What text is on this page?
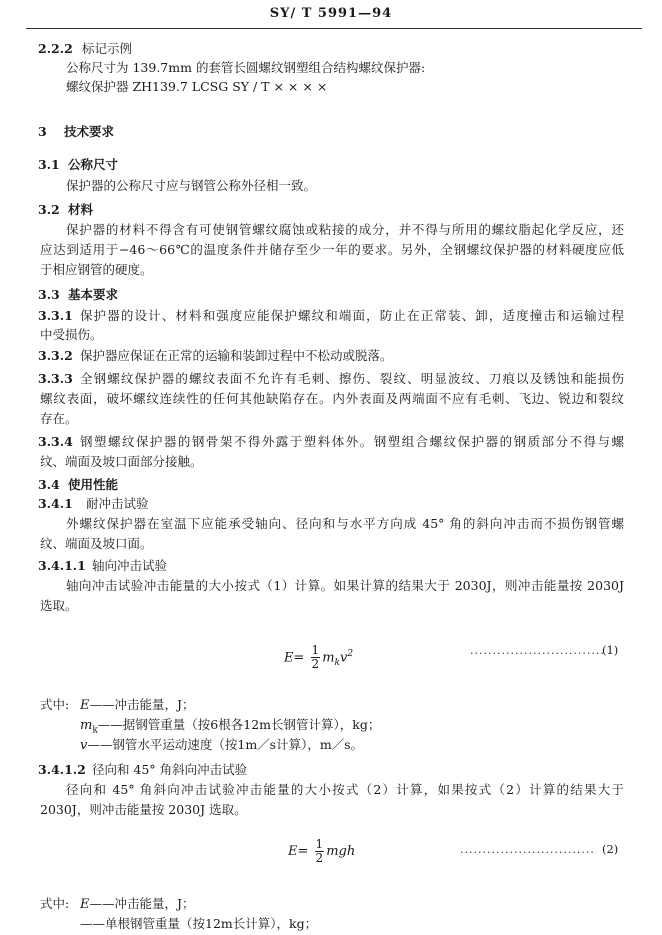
SY/ T 5991—94
2.2.2 标记示例
公称尺寸为 139.7mm 的套管长圆螺纹钢塑组合结构螺纹保护器:
螺纹保护器 ZH139.7 LCSG SY / T × × × ×
3 技术要求
3.1 公称尺寸
保护器的公称尺寸应与钢管公称外径相一致。
3.2 材料
保护器的材料不得含有可使钢管螺纹腐蚀或粘接的成分，并不得与所用的螺纹脂起化学反应，还
应达到适用于−46～66℃的温度条件并储存至少一年的要求。另外，全钢螺纹保护器的材料硬度应低
于相应钢管的硬度。
3.3 基本要求
3.3.1 保护器的设计、材料和强度应能保护螺纹和端面，防止在正常装、卸，适度撞击和运输过程
中受损伤。
3.3.2 保护器应保证在正常的运输和装卸过程中不松动或脱落。
3.3.3 全钢螺纹保护器的螺纹表面不允许有毛刺、擦伤、裂纹、明显波纹、刀痕以及锈蚀和能损伤
螺纹表面，破坏螺纹连续性的任何其他缺陷存在。内外表面及两端面不应有毛刺、飞边、锐边和裂纹
存在。
3.3.4 钢塑螺纹保护器的钢骨架不得外露于塑料体外。钢塑组合螺纹保护器的钢质部分不得与螺
纹、端面及坡口面部分接触。
3.4 使用性能
3.4.1 耐冲击试验
外螺纹保护器在室温下应能承受轴向、径向和与水平方向成 45° 角的斜向冲击而不损伤钢管螺
纹、端面及坡口面。
3.4.1.1 轴向冲击试验
轴向冲击试验冲击能量的大小按式（1）计算。如果计算的结果大于 2030J，则冲击能量按 2030J
选取。
$E= \frac{1}{2} m_kv^2$	..............................
(1)
式中: E——冲击能量，J；
$m_k——$据钢管重量（按6根各12m长钢管计算），kg；
v——钢管水平运动速度（按1m／s计算），m／s。
3.4.1.2 径向和 45° 角斜向冲击试验
径向和 45° 角斜向冲击试验冲击能量的大小按式（2）计算，如果按式（2）计算的结果大于
2030J，则冲击能量按 2030J 选取。
$E= \frac{1}{2}$ mgh	.............................. (2)
式中: E——冲击能量，J；
——单根钢管重量（按12m长计算），kg；
